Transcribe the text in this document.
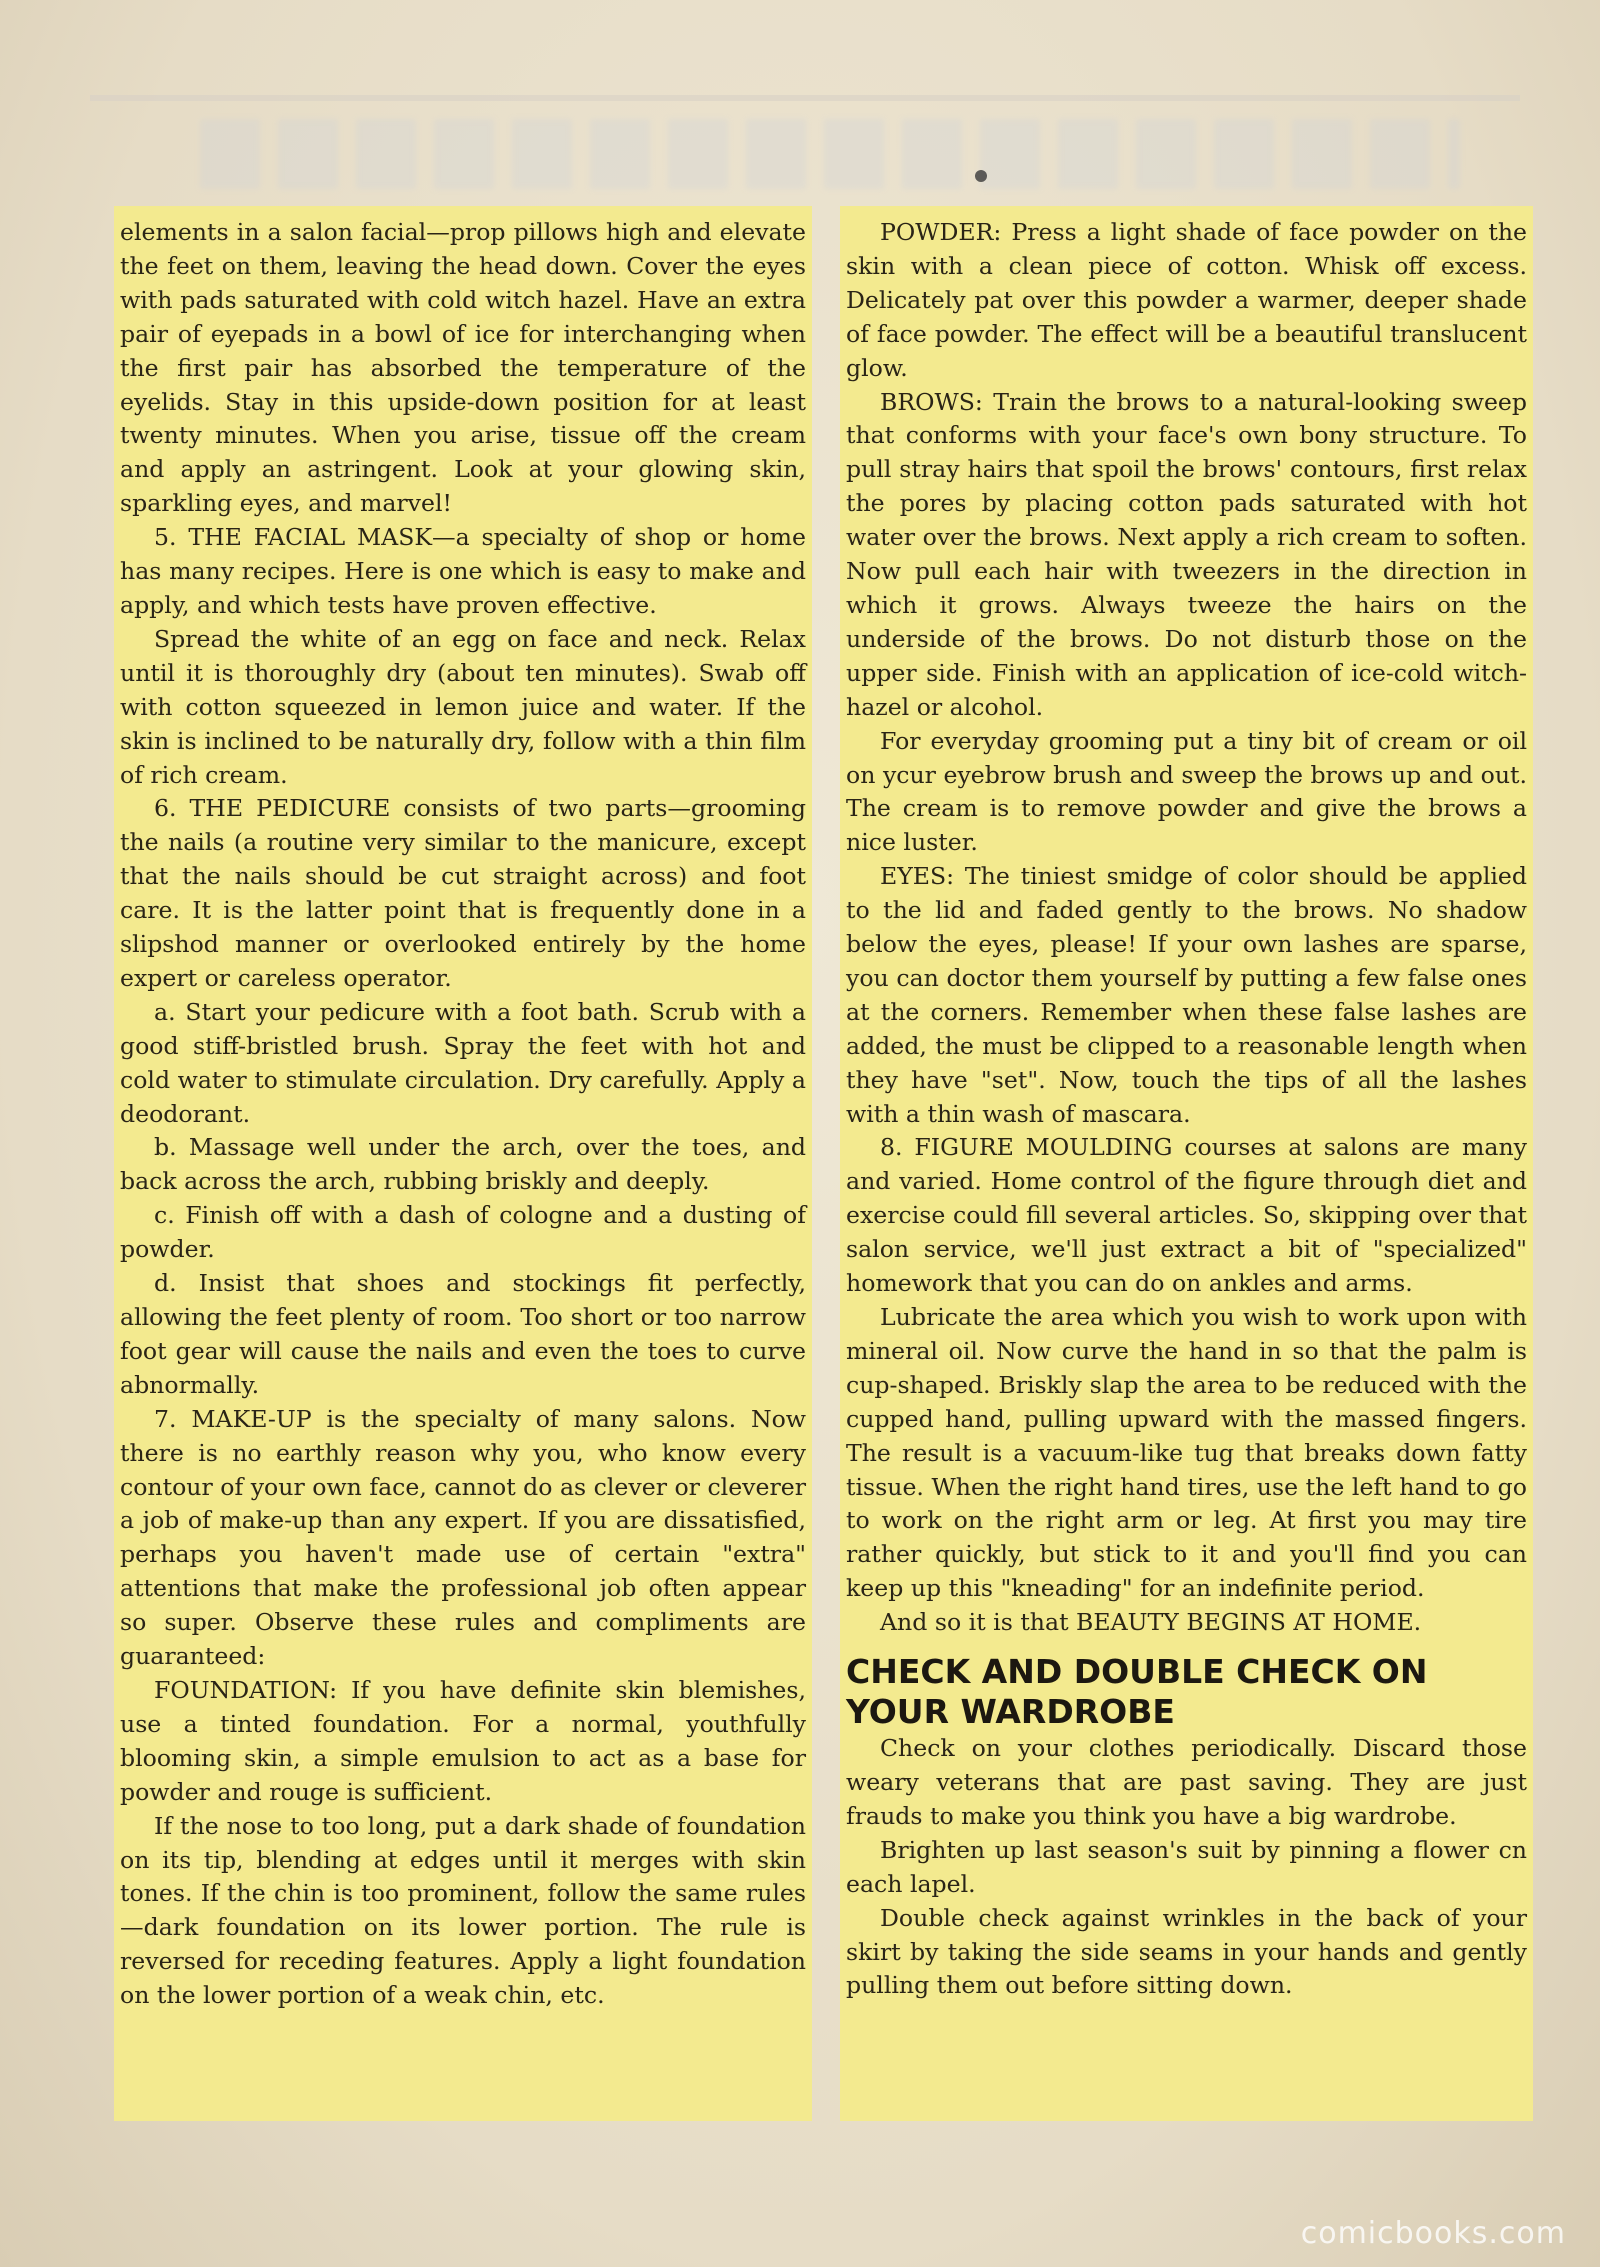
elements in a salon facial—prop pillows high and elevate the feet on them, leaving the head down. Cover the eyes with pads saturated with cold witch hazel. Have an extra pair of eyepads in a bowl of ice for interchanging when the first pair has absorbed the temperature of the eyelids. Stay in this upside-down position for at least twenty minutes. When you arise, tissue off the cream and apply an astringent. Look at your glowing skin, sparkling eyes, and marvel!

5. THE FACIAL MASK—a specialty of shop or home has many recipes. Here is one which is easy to make and apply, and which tests have proven effective.

Spread the white of an egg on face and neck. Relax until it is thoroughly dry (about ten minutes). Swab off with cotton squeezed in lemon juice and water. If the skin is inclined to be naturally dry, follow with a thin film of rich cream.

6. THE PEDICURE consists of two parts—grooming the nails (a routine very similar to the manicure, except that the nails should be cut straight across) and foot care. It is the latter point that is frequently done in a slipshod manner or overlooked entirely by the home expert or careless operator.

a. Start your pedicure with a foot bath. Scrub with a good stiff-bristled brush. Spray the feet with hot and cold water to stimulate circulation. Dry carefully. Apply a deodorant.

b. Massage well under the arch, over the toes, and back across the arch, rubbing briskly and deeply.

c. Finish off with a dash of cologne and a dusting of powder.

d. Insist that shoes and stockings fit perfectly, allowing the feet plenty of room. Too short or too narrow foot gear will cause the nails and even the toes to curve abnormally.

7. MAKE-UP is the specialty of many salons. Now there is no earthly reason why you, who know every contour of your own face, cannot do as clever or cleverer a job of make-up than any expert. If you are dissatisfied, perhaps you haven't made use of certain "extra" attentions that make the professional job often appear so super. Observe these rules and compliments are guaranteed:

FOUNDATION: If you have definite skin blemishes, use a tinted foundation. For a normal, youthfully blooming skin, a simple emulsion to act as a base for powder and rouge is sufficient.

If the nose to too long, put a dark shade of foundation on its tip, blending at edges until it merges with skin tones. If the chin is too prominent, follow the same rules—dark foundation on its lower portion. The rule is reversed for receding features. Apply a light foundation on the lower portion of a weak chin, etc.

POWDER: Press a light shade of face powder on the skin with a clean piece of cotton. Whisk off excess. Delicately pat over this powder a warmer, deeper shade of face powder. The effect will be a beautiful translucent glow.

BROWS: Train the brows to a natural-looking sweep that conforms with your face's own bony structure. To pull stray hairs that spoil the brows' contours, first relax the pores by placing cotton pads saturated with hot water over the brows. Next apply a rich cream to soften. Now pull each hair with tweezers in the direction in which it grows. Always tweeze the hairs on the underside of the brows. Do not disturb those on the upper side. Finish with an application of ice-cold witch-hazel or alcohol.

For everyday grooming put a tiny bit of cream or oil on ycur eyebrow brush and sweep the brows up and out. The cream is to remove powder and give the brows a nice luster.

EYES: The tiniest smidge of color should be applied to the lid and faded gently to the brows. No shadow below the eyes, please! If your own lashes are sparse, you can doctor them yourself by putting a few false ones at the corners. Remember when these false lashes are added, the must be clipped to a reasonable length when they have "set". Now, touch the tips of all the lashes with a thin wash of mascara.

8. FIGURE MOULDING courses at salons are many and varied. Home control of the figure through diet and exercise could fill several articles. So, skipping over that salon service, we'll just extract a bit of "specialized" homework that you can do on ankles and arms.

Lubricate the area which you wish to work upon with mineral oil. Now curve the hand in so that the palm is cup-shaped. Briskly slap the area to be reduced with the cupped hand, pulling upward with the massed fingers. The result is a vacuum-like tug that breaks down fatty tissue. When the right hand tires, use the left hand to go to work on the right arm or leg. At first you may tire rather quickly, but stick to it and you'll find you can keep up this "kneading" for an indefinite period.

And so it is that BEAUTY BEGINS AT HOME.

CHECK AND DOUBLE CHECK ON YOUR WARDROBE

Check on your clothes periodically. Discard those weary veterans that are past saving. They are just frauds to make you think you have a big wardrobe.

Brighten up last season's suit by pinning a flower cn each lapel.

Double check against wrinkles in the back of your skirt by taking the side seams in your hands and gently pulling them out before sitting down.

comicbooks.com
